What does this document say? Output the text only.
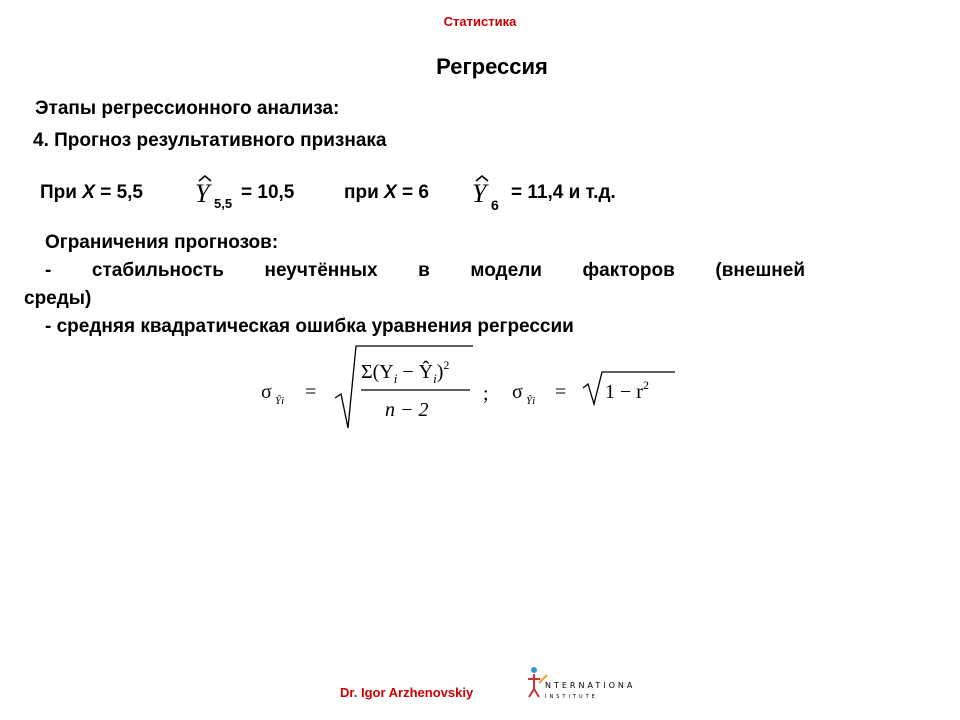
Статистика
Регрессия
Этапы регрессионного анализа:
4. Прогноз результативного признака
При X = 5,5 Y 5,5
= 10,5	при X = 6 Y 6
= 11,4 и т.д.
Ограничения прогнозов:
- стабильность неучтённых в модели факторов (внешней
среды)
- средняя квадратическая ошибка уравнения регрессии
σ Ŷi =
$\Sigma(Y_i$ − $Ŷ_i)^2$
n − 2
; σ Ŷi = $1 - r^2$
Dr. Igor Arzhenovskiy	NTERNATIONAL
INSTITUTE
